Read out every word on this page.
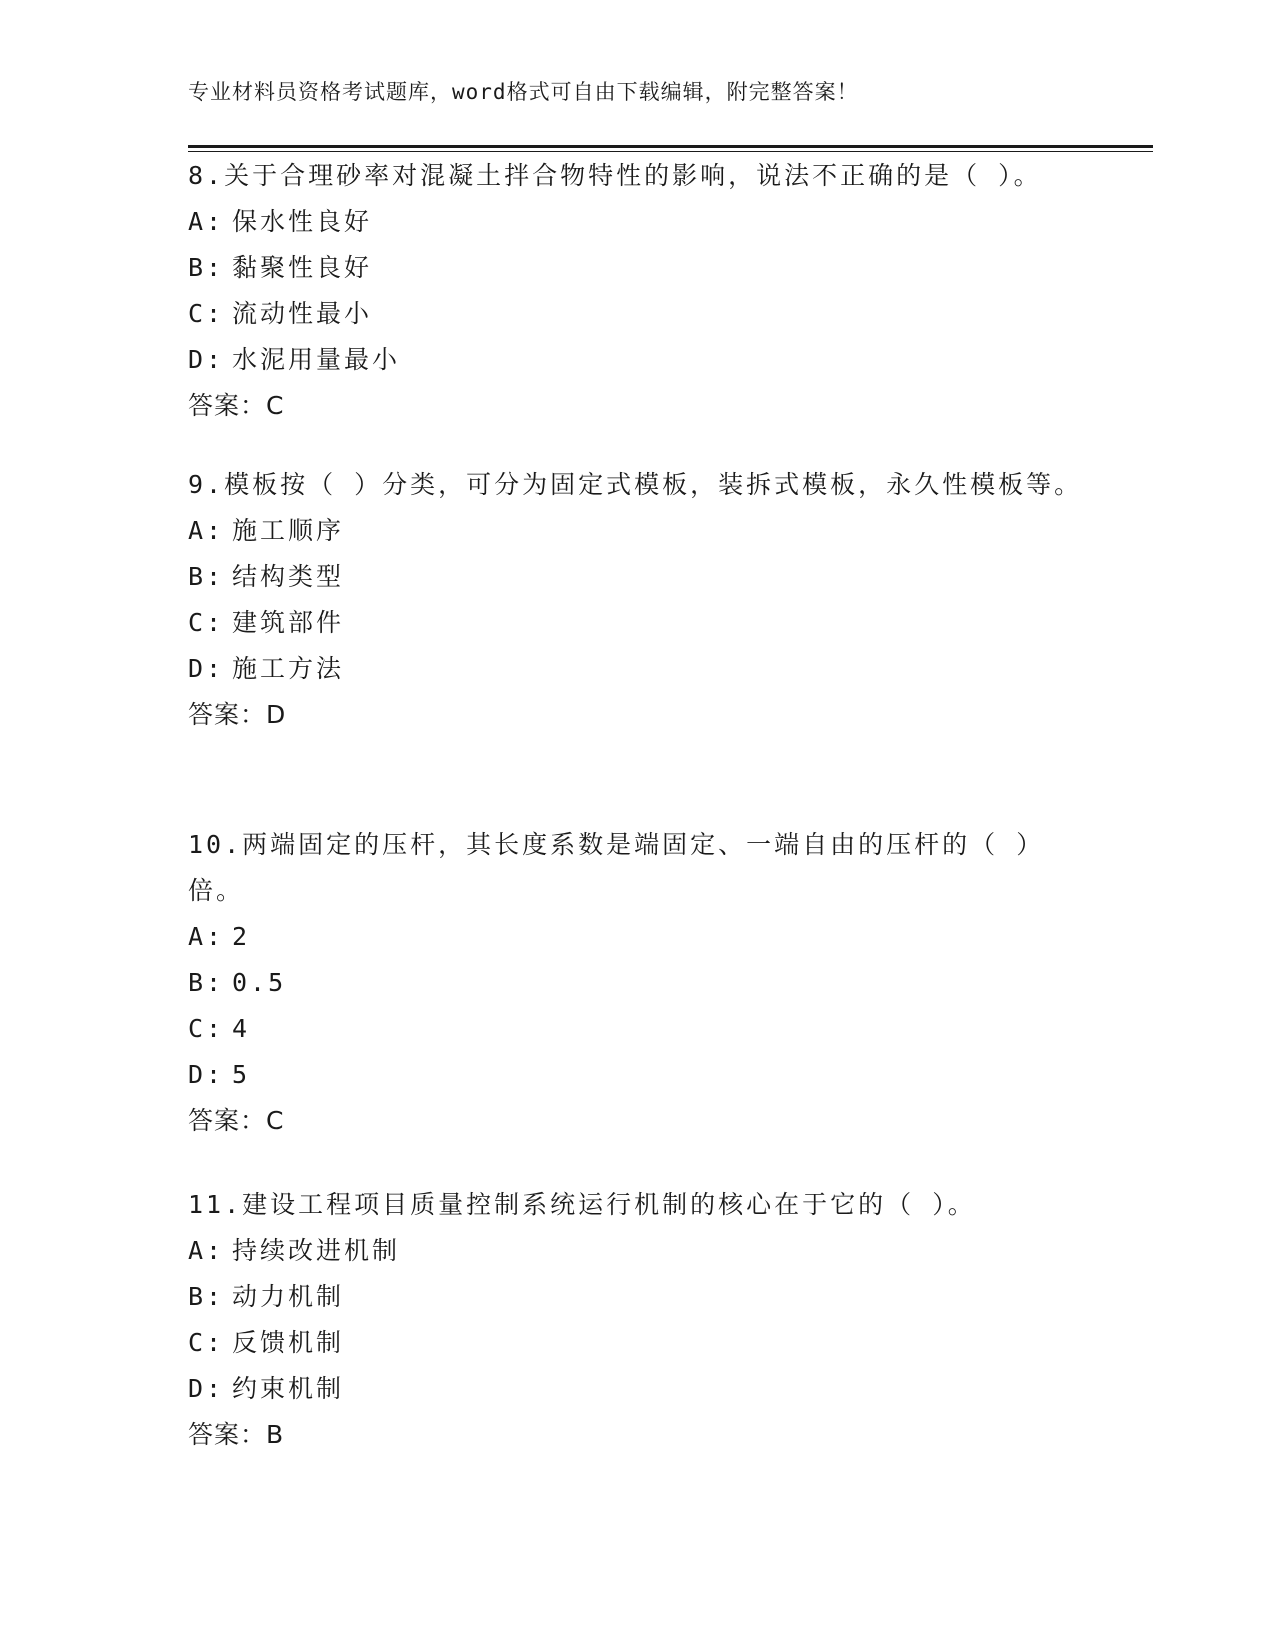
专业材料员资格考试题库，word格式可自由下载编辑，附完整答案！

8.关于合理砂率对混凝土拌合物特性的影响，说法不正确的是（ ）。

A: 保水性良好

B: 黏聚性良好

C: 流动性最小

D: 水泥用量最小

答案：C

9.模板按（ ）分类，可分为固定式模板，装拆式模板，永久性模板等。

A: 施工顺序

B: 结构类型

C: 建筑部件

D: 施工方法

答案：D

10.两端固定的压杆，其长度系数是端固定、一端自由的压杆的（ ）倍。

A: 2

B: 0.5

C: 4

D: 5

答案：C

11.建设工程项目质量控制系统运行机制的核心在于它的（ ）。

A: 持续改进机制

B: 动力机制

C: 反馈机制

D: 约束机制

答案：B
